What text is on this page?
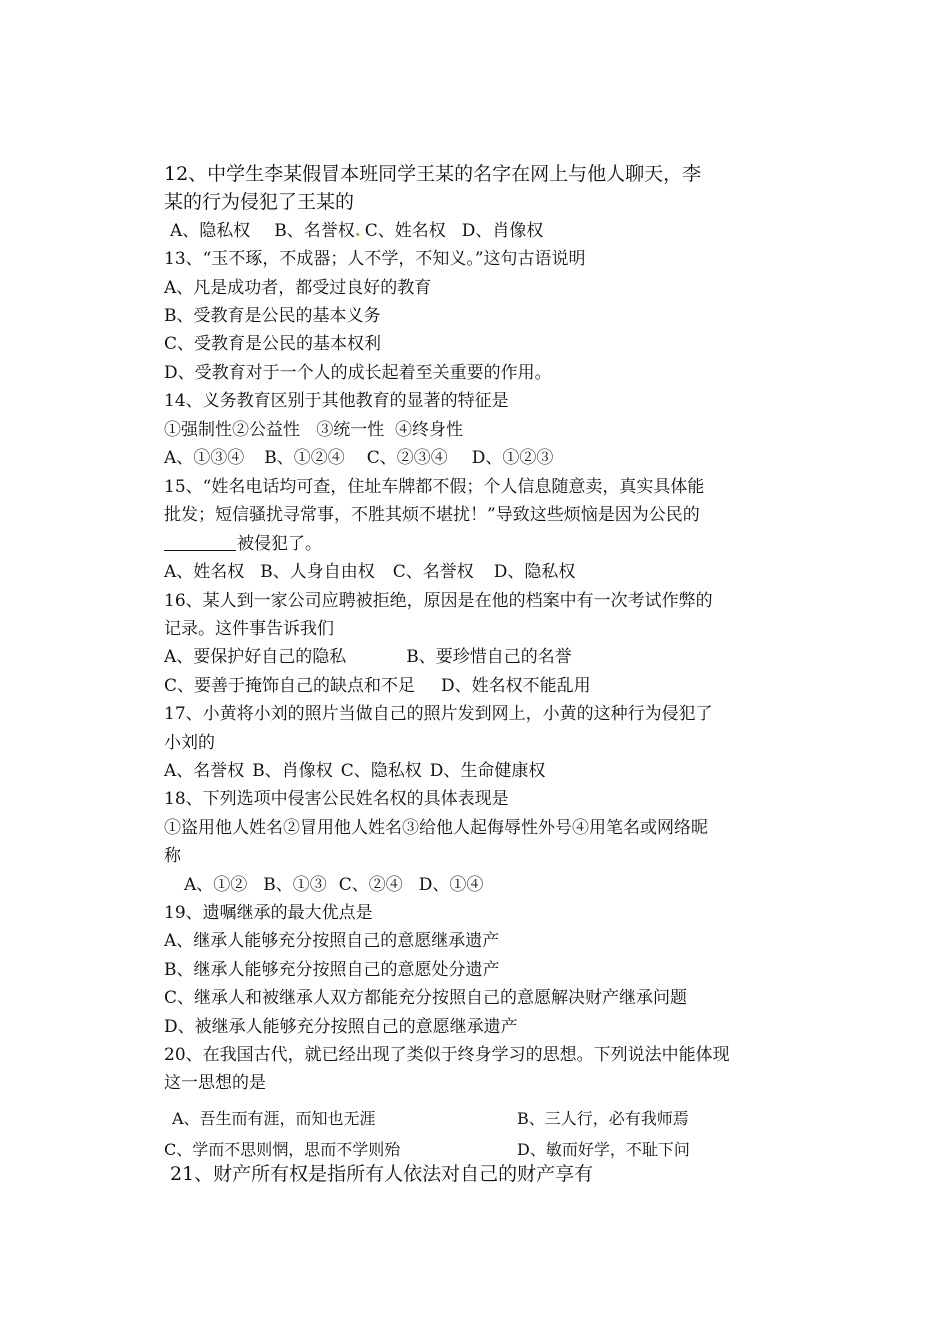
12、中学生李某假冒本班同学王某的名字在网上与他人聊天，李
某的行为侵犯了王某的
A、隐私权 B、名誉权. C、姓名权 D、肖像权
13、“玉不琢，不成器；人不学，不知义。”这句古语说明
A、凡是成功者，都受过良好的教育
B、受教育是公民的基本义务
C、受教育是公民的基本权利
D、受教育对于一个人的成长起着至关重要的作用。
14、义务教育区别于其他教育的显著的特征是
①强制性②公益性   ③统一性  ④终身性
A、①③④ B、①②④ C、②③④ D、①②③
15、“姓名电话均可查，住址车牌都不假；个人信息随意卖，真实具体能
批发；短信骚扰寻常事，不胜其烦不堪扰！”导致这些烦恼是因为公民的
被侵犯了。
A、姓名权 B、人身自由权 C、名誉权 D、隐私权
16、某人到一家公司应聘被拒绝，原因是在他的档案中有一次考试作弊的
记录。这件事告诉我们
A、要保护好自己的隐私	B、要珍惜自己的名誉
C、要善于掩饰自己的缺点和不足 D、姓名权不能乱用
17、小黄将小刘的照片当做自己的照片发到网上，小黄的这种行为侵犯了
小刘的
A、名誉权 B、肖像权 C、隐私权 D、生命健康权
18、下列选项中侵害公民姓名权的具体表现是
①盗用他人姓名②冒用他人姓名③给他人起侮辱性外号④用笔名或网络昵
称
A、①② B、①③ C、②④ D、①④
19、遗嘱继承的最大优点是
A、继承人能够充分按照自己的意愿继承遗产
B、继承人能够充分按照自己的意愿处分遗产
C、继承人和被继承人双方都能充分按照自己的意愿解决财产继承问题
D、被继承人能够充分按照自己的意愿继承遗产
20、在我国古代，就已经出现了类似于终身学习的思想。下列说法中能体现
这一思想的是
A、吾生而有涯，而知也无涯	B、三人行，必有我师焉
C、学而不思则惘，思而不学则殆	D、敏而好学，不耻下问
21、财产所有权是指所有人依法对自己的财产享有
